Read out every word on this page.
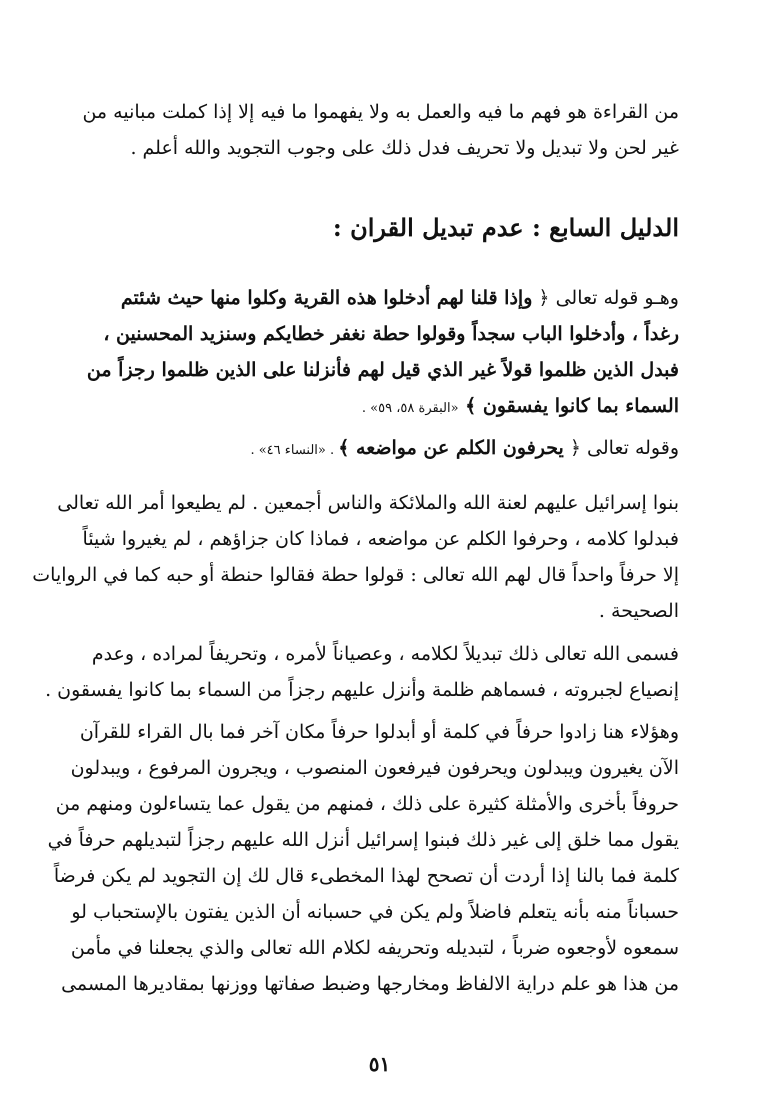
من القراءة هو فهم ما فيه والعمل به ولا يفهموا ما فيه إلا إذا كملت مبانيه من
غير لحن ولا تبديل ولا تحريف فدل ذلك على وجوب التجويد والله أعلم .

الدليل السابع : عدم تبديل القران :

وهـو قوله تعالى ﴿ وإذا قلنا لهم أدخلوا هذه القرية وكلوا منها حيث شئتم
رغداً ، وأدخلوا الباب سجداً وقولوا حطة نغفر خطايكم وسنزيد المحسنين ،
فبدل الذين ظلموا قولاً غير الذي قيل لهم فأنزلنا على الذين ظلموا رجزاً من
السماء بما كانوا يفسقون ﴾ «البقرة ٥٨، ٥٩» .

وقوله تعالى ﴿ يحرفون الكلم عن مواضعه ﴾ . «النساء ٤٦» .

بنوا إسرائيل عليهم لعنة الله والملائكة والناس أجمعين . لم يطيعوا أمر الله تعالى
فبدلوا كلامه ، وحرفوا الكلم عن مواضعه ، فماذا كان جزاؤهم ، لم يغيروا شيئاً
إلا حرفاً واحداً قال لهم الله تعالى : قولوا حطة فقالوا حنطة أو حبه كما في الروايات
الصحيحة .

فسمى الله تعالى ذلك تبديلاً لكلامه ، وعصياناً لأمره ، وتحريفاً لمراده ، وعدم
إنصياع لجبروته ، فسماهم ظلمة وأنزل عليهم رجزاً من السماء بما كانوا يفسقون .

وهؤلاء هنا زادوا حرفاً في كلمة أو أبدلوا حرفاً مكان آخر فما بال القراء للقرآن
الآن يغيرون ويبدلون ويحرفون فيرفعون المنصوب ، ويجرون المرفوع ، ويبدلون
حروفاً بأخرى والأمثلة كثيرة على ذلك ، فمنهم من يقول عما يتساءلون ومنهم من
يقول مما خلق إلى غير ذلك فبنوا إسرائيل أنزل الله عليهم رجزاً لتبديلهم حرفاً في
كلمة فما بالنا إذا أردت أن تصحح لهذا المخطىء قال لك إن التجويد لم يكن فرضاً
حسباناً منه بأنه يتعلم فاضلاً ولم يكن في حسبانه أن الذين يفتون بالإستحباب لو
سمعوه لأوجعوه ضرباً ، لتبديله وتحريفه لكلام الله تعالى والذي يجعلنا في مأمن
من هذا هو علم دراية الالفاظ ومخارجها وضبط صفاتها ووزنها بمقاديرها المسمى

٥١
